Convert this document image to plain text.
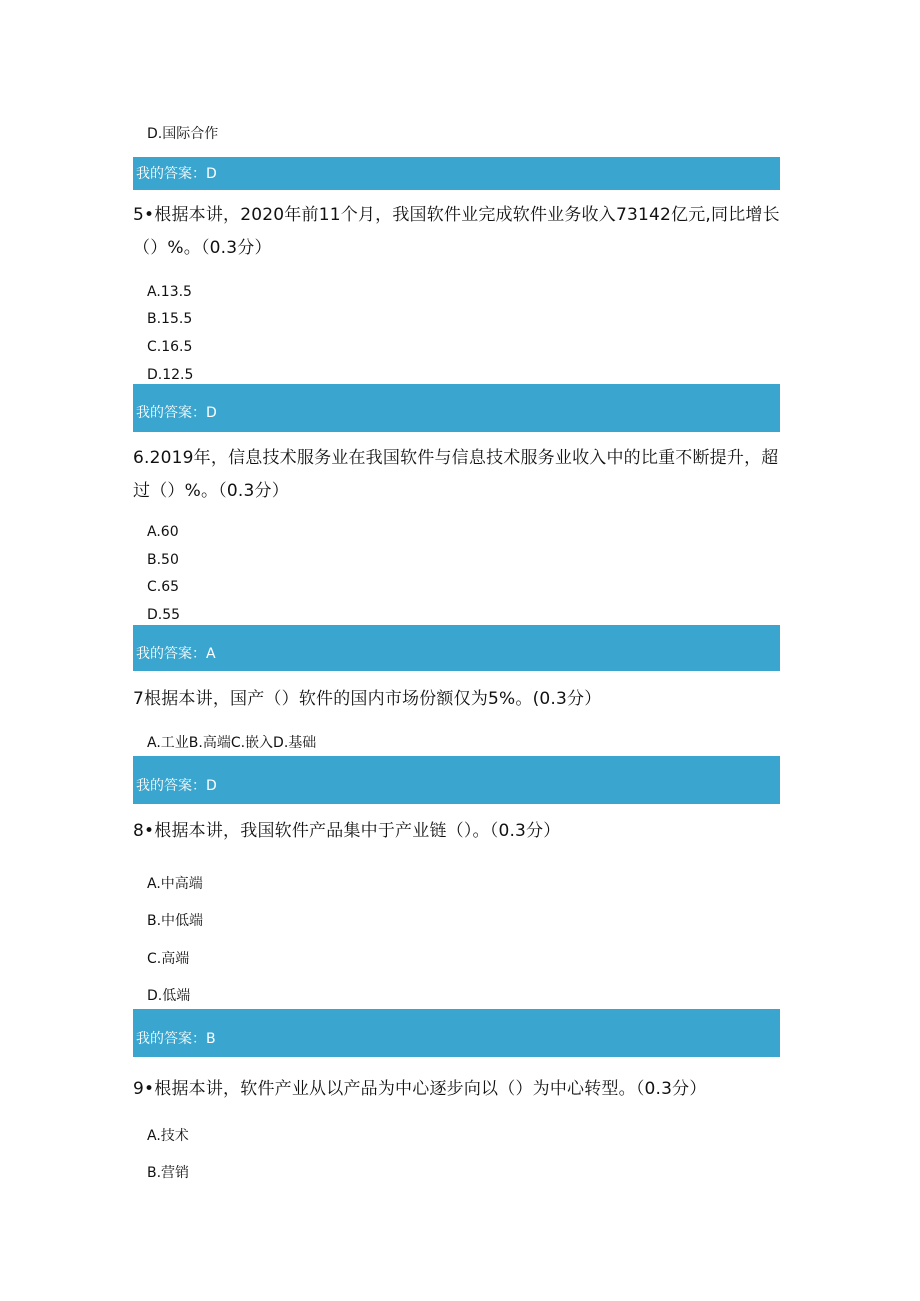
D.国际合作
我的答案：D
5•根据本讲，2020年前11个月，我国软件业完成软件业务收入73142亿元,同比增长（）%。（0.3分）
A.13.5
B.15.5
C.16.5
D.12.5
我的答案：D
6.2019年，信息技术服务业在我国软件与信息技术服务业收入中的比重不断提升，超过（）%。（0.3分）
A.60
B.50
C.65
D.55
我的答案：A
7根据本讲，国产（）软件的国内市场份额仅为5%。(0.3分）
A.工业B.高端C.嵌入D.基础
我的答案：D
8•根据本讲，我国软件产品集中于产业链（）。（0.3分）
A.中高端
B.中低端
C.高端
D.低端
我的答案：B
9•根据本讲，软件产业从以产品为中心逐步向以（）为中心转型。（0.3分）
A.技术
B.营销
